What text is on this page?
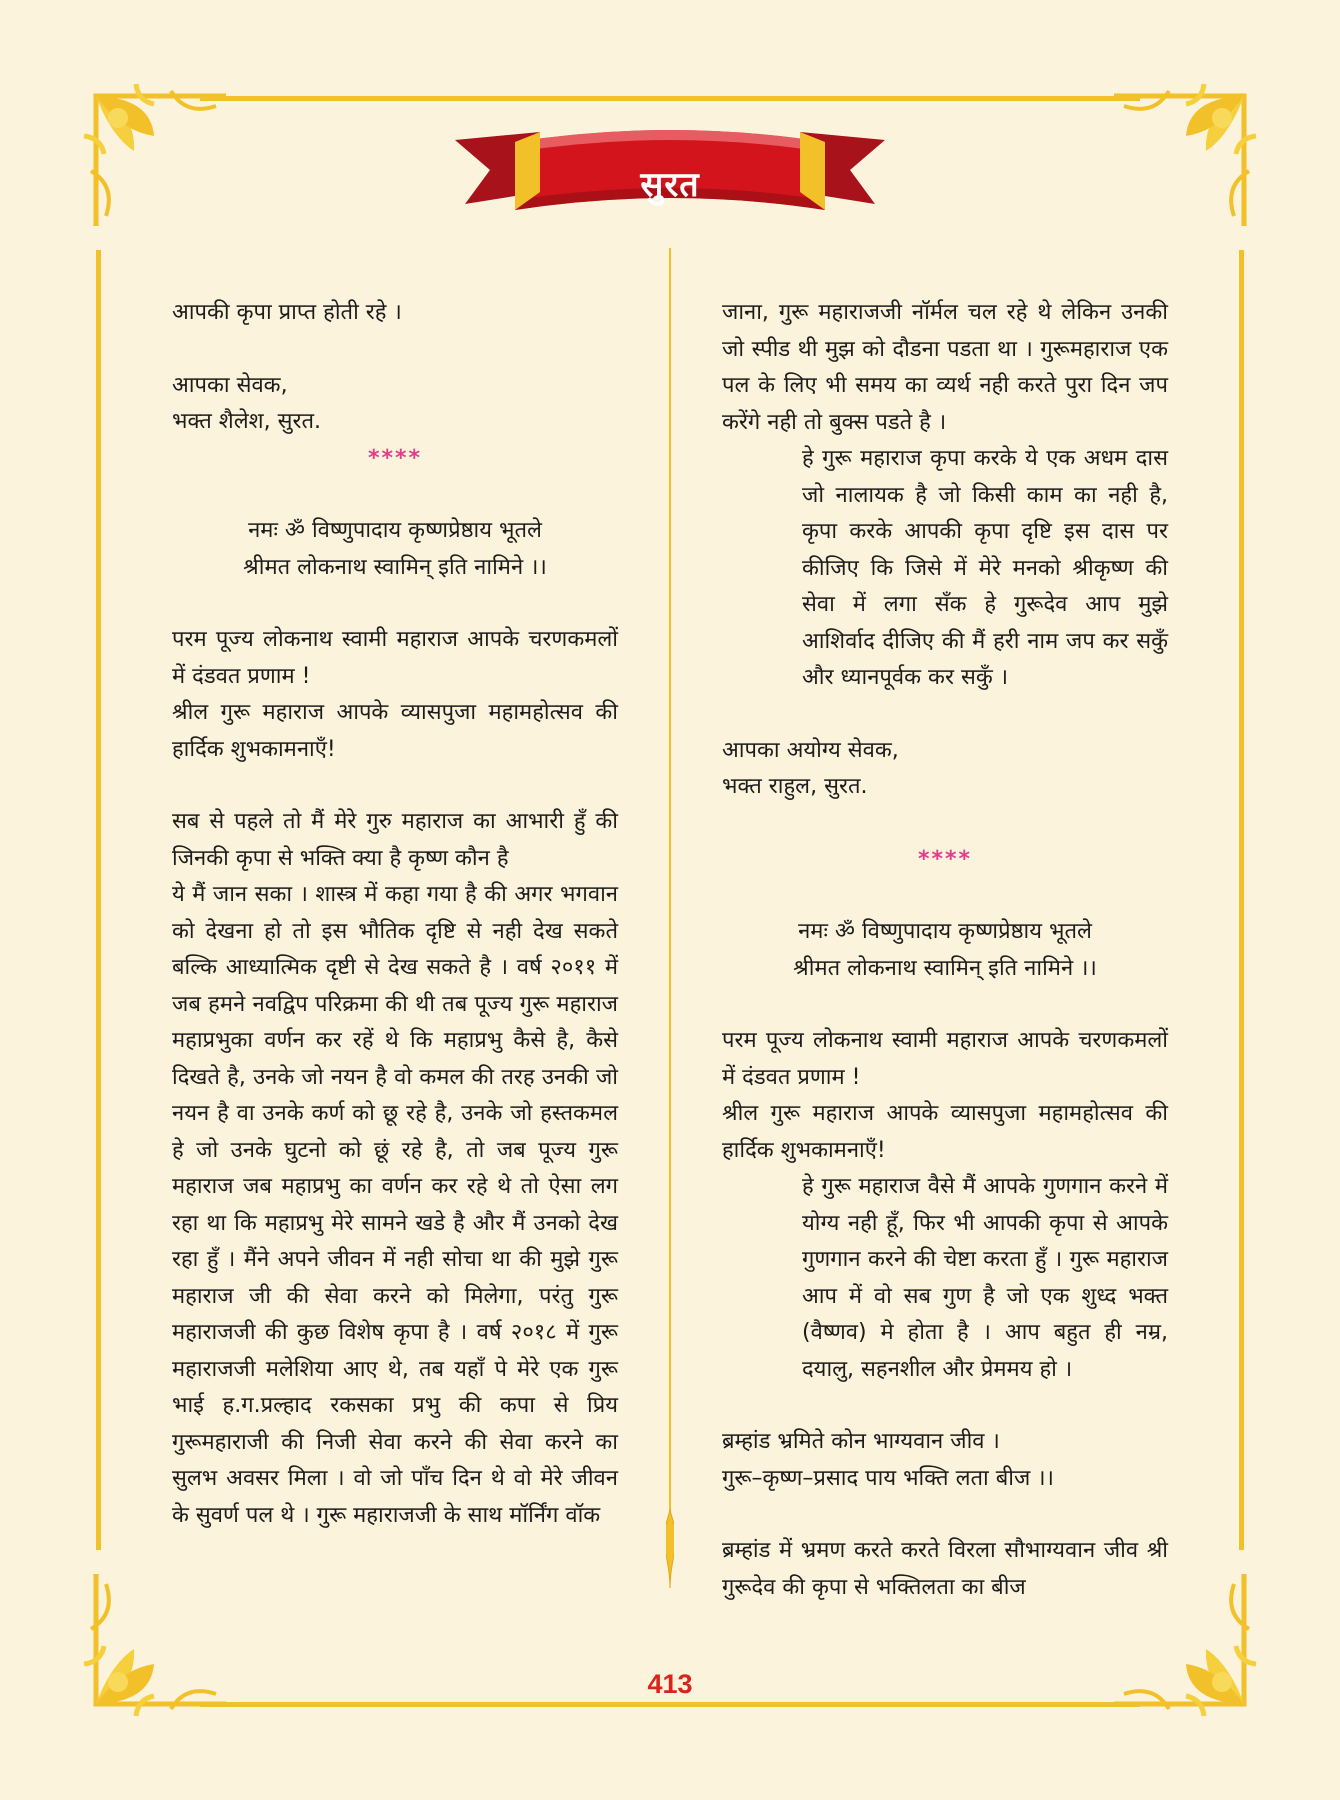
सुरत

आपकी कृपा प्राप्त होती रहे ।

आपका सेवक,

भक्त शैलेश, सुरत.

****

नमः ॐ विष्णुपादाय कृष्णप्रेष्ठाय भूतले

श्रीमत लोकनाथ स्वामिन् इति नामिने ।।

परम पूज्य लोकनाथ स्वामी महाराज आपके चरणकमलों में दंडवत प्रणाम !

श्रील गुरू महाराज आपके व्यासपुजा महामहोत्सव की हार्दिक शुभकामनाएँ!

सब से पहले तो मैं मेरे गुरु महाराज का आभारी हुँ की जिनकी कृपा से भक्ति क्या है कृष्ण कौन है

ये मैं जान सका । शास्त्र में कहा गया है की अगर भगवान को देखना हो तो इस भौतिक दृष्टि से नही देख सकते बल्कि आध्यात्मिक दृष्टी से देख सकते है । वर्ष २०११ में जब हमने नवद्विप परिक्रमा की थी तब पूज्य गुरू महाराज महाप्रभुका वर्णन कर रहें थे कि महाप्रभु कैसे है, कैसे दिखते है, उनके जो नयन है वो कमल की तरह उनकी जो नयन है वा उनके कर्ण को छू रहे है, उनके जो हस्तकमल हे जो उनके घुटनो को छूं रहे है, तो जब पूज्य गुरू महाराज जब महाप्रभु का वर्णन कर रहे थे तो ऐसा लग रहा था कि महाप्रभु मेरे सामने खडे है और मैं उनको देख रहा हुँ । मैंने अपने जीवन में नही सोचा था की मुझे गुरू महाराज जी की सेवा करने को मिलेगा, परंतु गुरू महाराजजी की कुछ विशेष कृपा है । वर्ष २०१८ में गुरू महाराजजी मलेशिया आए थे, तब यहाँ पे मेरे एक गुरू भाई ह.ग.प्रल्हाद रकसका प्रभु की कपा से प्रिय गुरूमहाराजी की निजी सेवा करने की सेवा करने का सुलभ अवसर मिला । वो जो पाँच दिन थे वो मेरे जीवन के सुवर्ण पल थे । गुरू महाराजजी के साथ मॉर्निंग वॉक

जाना, गुरू महाराजजी नॉर्मल चल रहे थे लेकिन उनकी जो स्पीड थी मुझ को दौडना पडता था । गुरूमहाराज एक पल के लिए भी समय का व्यर्थ नही करते पुरा दिन जप करेंगे नही तो बुक्स पडते है ।

हे गुरू महाराज कृपा करके ये एक अधम दास जो नालायक है जो किसी काम का नही है, कृपा करके आपकी कृपा दृष्टि इस दास पर कीजिए कि जिसे में मेरे मनको श्रीकृष्ण की सेवा में लगा सँक हे गुरूदेव आप मुझे आशिर्वाद दीजिए की मैं हरी नाम जप कर सकुँ और ध्यानपूर्वक कर सकुँ ।

आपका अयोग्य सेवक,

भक्त राहुल, सुरत.

****

नमः ॐ विष्णुपादाय कृष्णप्रेष्ठाय भूतले

श्रीमत लोकनाथ स्वामिन् इति नामिने ।।

परम पूज्य लोकनाथ स्वामी महाराज आपके चरणकमलों में दंडवत प्रणाम !

श्रील गुरू महाराज आपके व्यासपुजा महामहोत्सव की हार्दिक शुभकामनाएँ!

हे गुरू महाराज वैसे मैं आपके गुणगान करने में योग्य नही हूँ, फिर भी आपकी कृपा से आपके गुणगान करने की चेष्टा करता हुँ । गुरू महाराज आप में वो सब गुण है जो एक शुध्द भक्त (वैष्णव) मे होता है । आप बहुत ही नम्र, दयालु, सहनशील और प्रेममय हो ।

ब्रम्हांड भ्रमिते कोन भाग्यवान जीव ।

गुरू–कृष्ण–प्रसाद पाय भक्ति लता बीज ।।

ब्रम्हांड में भ्रमण करते करते विरला सौभाग्यवान जीव श्री गुरूदेव की कृपा से भक्तिलता का बीज

413
